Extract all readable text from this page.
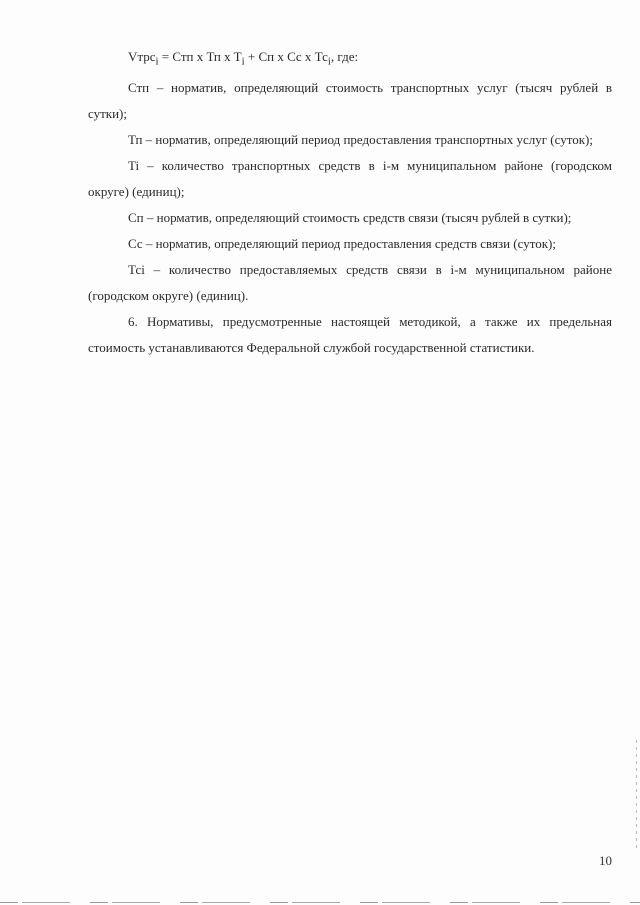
Vтрс$_i$ = Стп x Тп x $T_i$ + Сп x Сс x $Тс_i$, где:

Стп – норматив, определяющий стоимость транспортных услуг (тысяч рублей в сутки);

Тп – норматив, определяющий период предоставления транспортных услуг (суток);

Ti – количество транспортных средств в i-м муниципальном районе (городском округе) (единиц);

Сп – норматив, определяющий стоимость средств связи (тысяч рублей в сутки);

Сс – норматив, определяющий период предоставления средств связи (суток);

Тсi – количество предоставляемых средств связи в i-м муниципальном районе (городском округе) (единиц).

6. Нормативы, предусмотренные настоящей методикой, а также их предельная стоимость устанавливаются Федеральной службой государственной статистики.

10
